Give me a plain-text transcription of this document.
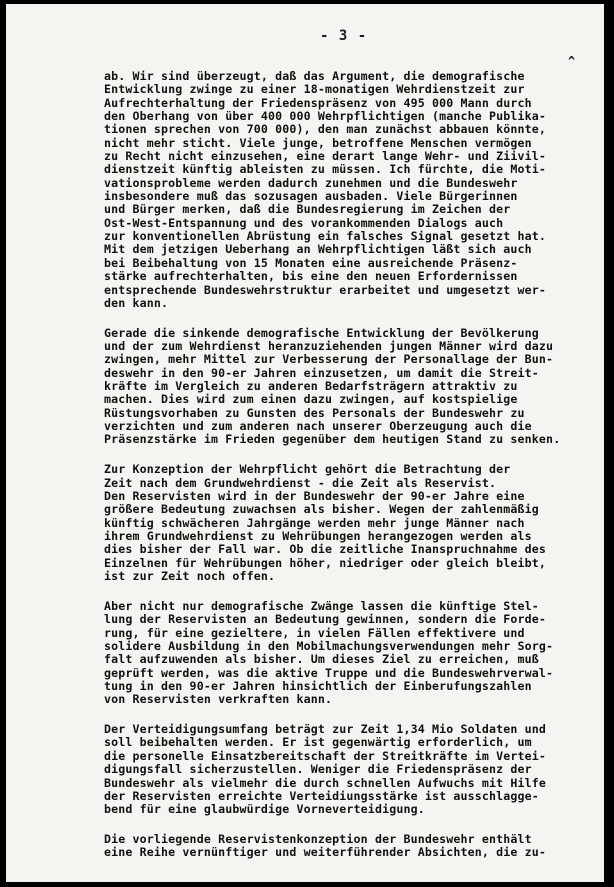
- 3 -
^
ab. Wir sind überzeugt, daß das Argument, die demografische
Entwicklung zwinge zu einer 18-monatigen Wehrdienstzeit zur
Aufrechterhaltung der Friedenspräsenz von 495 000 Mann durch
den Oberhang von über 400 000 Wehrpflichtigen (manche Publika-
tionen sprechen von 700 000), den man zunächst abbauen könnte,
nicht mehr sticht. Viele junge, betroffene Menschen vermögen
zu Recht nicht einzusehen, eine derart lange Wehr- und Ziivil-
dienstzeit künftig ableisten zu müssen. Ich fürchte, die Moti-
vationsprobleme werden dadurch zunehmen und die Bundeswehr
insbesondere muß das sozusagen ausbaden. Viele Bürgerinnen
und Bürger merken, daß die Bundesregierung im Zeichen der
Ost-West-Entspannung und des vorankommenden Dialogs auch
zur konventionellen Abrüstung ein falsches Signal gesetzt hat.
Mit dem jetzigen Ueberhang an Wehrpflichtigen läßt sich auch
bei Beibehaltung von 15 Monaten eine ausreichende Präsenz-
stärke aufrechterhalten, bis eine den neuen Erfordernissen
entsprechende Bundeswehrstruktur erarbeitet und umgesetzt wer-
den kann.
Gerade die sinkende demografische Entwicklung der Bevölkerung
und der zum Wehrdienst heranzuziehenden jungen Männer wird dazu
zwingen, mehr Mittel zur Verbesserung der Personallage der Bun-
deswehr in den 90-er Jahren einzusetzen, um damit die Streit-
kräfte im Vergleich zu anderen Bedarfsträgern attraktiv zu
machen. Dies wird zum einen dazu zwingen, auf kostspielige
Rüstungsvorhaben zu Gunsten des Personals der Bundeswehr zu
verzichten und zum anderen nach unserer Oberzeugung auch die
Präsenzstärke im Frieden gegenüber dem heutigen Stand zu senken.
Zur Konzeption der Wehrpflicht gehört die Betrachtung der
Zeit nach dem Grundwehrdienst - die Zeit als Reservist.
Den Reservisten wird in der Bundeswehr der 90-er Jahre eine
größere Bedeutung zuwachsen als bisher. Wegen der zahlenmäßig
künftig schwächeren Jahrgänge werden mehr junge Männer nach
ihrem Grundwehrdienst zu Wehrübungen herangezogen werden als
dies bisher der Fall war. Ob die zeitliche Inanspruchnahme des
Einzelnen für Wehrübungen höher, niedriger oder gleich bleibt,
ist zur Zeit noch offen.
Aber nicht nur demografische Zwänge lassen die künftige Stel-
lung der Reservisten an Bedeutung gewinnen, sondern die Forde-
rung, für eine gezieltere, in vielen Fällen effektivere und
solidere Ausbildung in den Mobilmachungsverwendungen mehr Sorg-
falt aufzuwenden als bisher. Um dieses Ziel zu erreichen, muß
geprüft werden, was die aktive Truppe und die Bundeswehrverwal-
tung in den 90-er Jahren hinsichtlich der Einberufungszahlen
von Reservisten verkraften kann.
Der Verteidigungsumfang beträgt zur Zeit 1,34 Mio Soldaten und
soll beibehalten werden. Er ist gegenwärtig erforderlich, um
die personelle Einsatzbereitschaft der Streitkräfte im Vertei-
digungsfall sicherzustellen. Weniger die Friedenspräsenz der
Bundeswehr als vielmehr die durch schnellen Aufwuchs mit Hilfe
der Reservisten erreichte Verteidiungsstärke ist ausschlagge-
bend für eine glaubwürdige Vorneverteidigung.
Die vorliegende Reservistenkonzeption der Bundeswehr enthält
eine Reihe vernünftiger und weiterführender Absichten, die zu-
